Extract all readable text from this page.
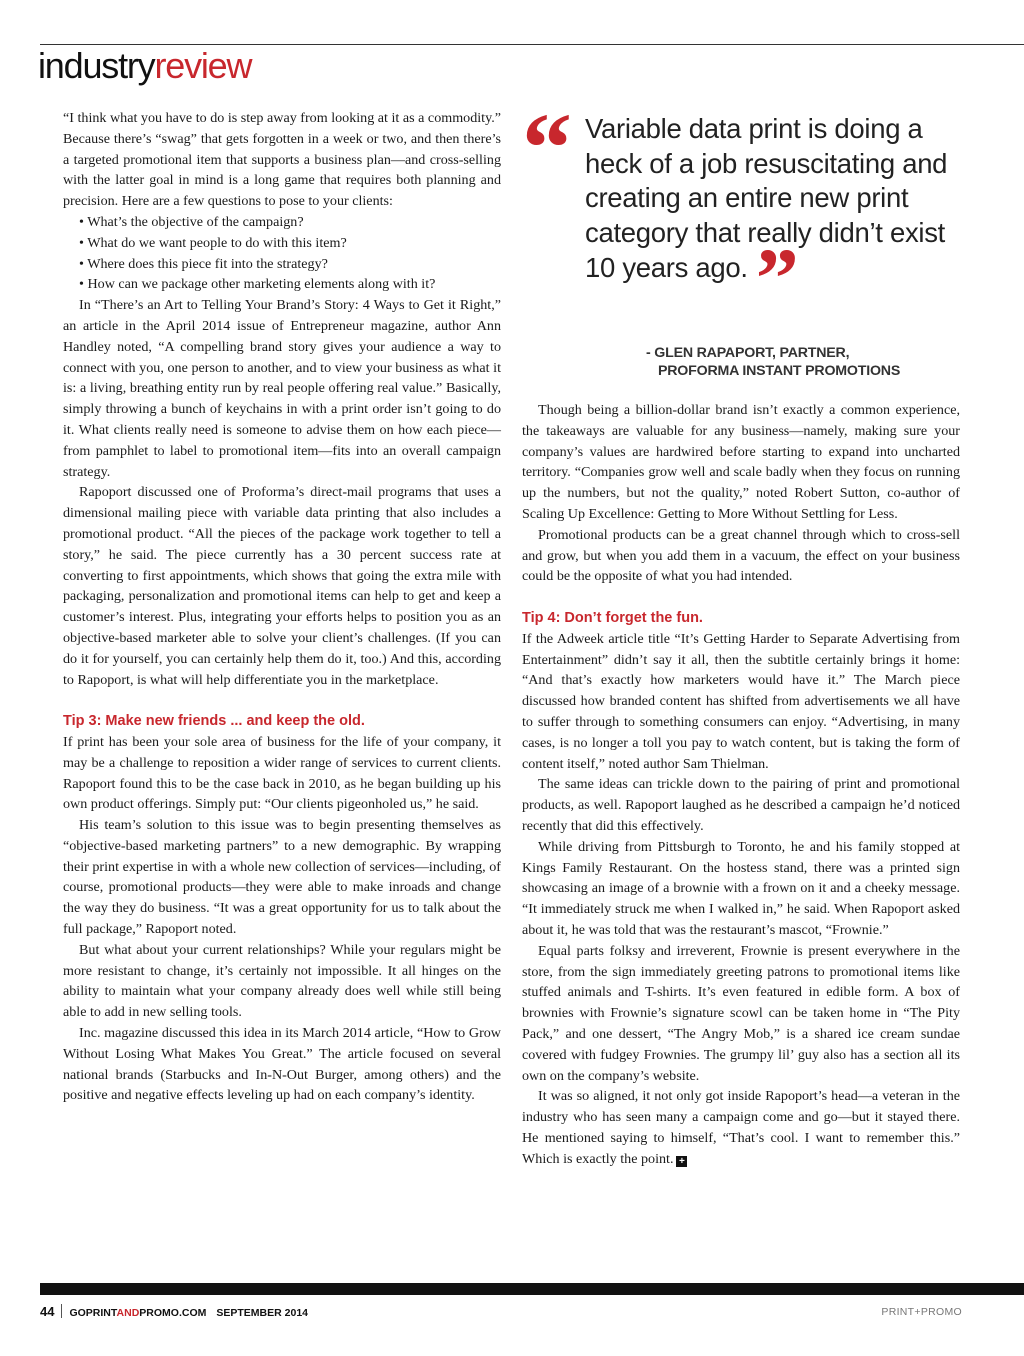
industryreview

“I think what you have to do is step away from looking at it as a commodity.” Because there’s “swag” that gets forgotten in a week or two, and then there’s a targeted promotional item that supports a business plan—and cross-selling with the latter goal in mind is a long game that requires both planning and precision. Here are a few questions to pose to your clients:

• What’s the objective of the campaign?
• What do we want people to do with this item?
• Where does this piece fit into the strategy?
• How can we package other marketing elements along with it?

In “There’s an Art to Telling Your Brand’s Story: 4 Ways to Get it Right,” an article in the April 2014 issue of Entrepreneur magazine, author Ann Handley noted, “A compelling brand story gives your audience a way to connect with you, one person to another, and to view your business as what it is: a living, breathing entity run by real people offering real value.” Basically, simply throwing a bunch of keychains in with a print order isn’t going to do it. What clients really need is someone to advise them on how each piece—from pamphlet to label to promotional item—fits into an overall campaign strategy.

Rapoport discussed one of Proforma’s direct-mail programs that uses a dimensional mailing piece with variable data printing that also includes a promotional product. “All the pieces of the package work together to tell a story,” he said. The piece currently has a 30 percent success rate at converting to first appointments, which shows that going the extra mile with packaging, personalization and promotional items can help to get and keep a customer’s interest. Plus, integrating your efforts helps to position you as an objective-based marketer able to solve your client’s challenges. (If you can do it for yourself, you can certainly help them do it, too.) And this, according to Rapoport, is what will help differentiate you in the marketplace.

Tip 3: Make new friends ... and keep the old.

If print has been your sole area of business for the life of your company, it may be a challenge to reposition a wider range of services to current clients. Rapoport found this to be the case back in 2010, as he began building up his own product offerings. Simply put: “Our clients pigeonholed us,” he said.

His team’s solution to this issue was to begin presenting themselves as “objective-based marketing partners” to a new demographic. By wrapping their print expertise in with a whole new collection of services—including, of course, promotional products—they were able to make inroads and change the way they do business. “It was a great opportunity for us to talk about the full package,” Rapoport noted.

But what about your current relationships? While your regulars might be more resistant to change, it’s certainly not impossible. It all hinges on the ability to maintain what your company already does well while still being able to add in new selling tools.

Inc. magazine discussed this idea in its March 2014 article, “How to Grow Without Losing What Makes You Great.” The article focused on several national brands (Starbucks and In-N-Out Burger, among others) and the positive and negative effects leveling up had on each company’s identity.

“ Variable data print is doing a heck of a job resuscitating and creating an entire new print category that really didn’t exist 10 years ago.”
- GLEN RAPAPORT, PARTNER,
PROFORMA INSTANT PROMOTIONS

Though being a billion-dollar brand isn’t exactly a common experience, the takeaways are valuable for any business—namely, making sure your company’s values are hardwired before starting to expand into uncharted territory. “Companies grow well and scale badly when they focus on running up the numbers, but not the quality,” noted Robert Sutton, co-author of Scaling Up Excellence: Getting to More Without Settling for Less.

Promotional products can be a great channel through which to cross-sell and grow, but when you add them in a vacuum, the effect on your business could be the opposite of what you had intended.

Tip 4: Don’t forget the fun.

If the Adweek article title “It’s Getting Harder to Separate Advertising from Entertainment” didn’t say it all, then the subtitle certainly brings it home: “And that’s exactly how marketers would have it.” The March piece discussed how branded content has shifted from advertisements we all have to suffer through to something consumers can enjoy. “Advertising, in many cases, is no longer a toll you pay to watch content, but is taking the form of content itself,” noted author Sam Thielman.

The same ideas can trickle down to the pairing of print and promotional products, as well. Rapoport laughed as he described a campaign he’d noticed recently that did this effectively.

While driving from Pittsburgh to Toronto, he and his family stopped at Kings Family Restaurant. On the hostess stand, there was a printed sign showcasing an image of a brownie with a frown on it and a cheeky message. “It immediately struck me when I walked in,” he said. When Rapoport asked about it, he was told that was the restaurant’s mascot, “Frownie.”

Equal parts folksy and irreverent, Frownie is present everywhere in the store, from the sign immediately greeting patrons to promotional items like stuffed animals and T-shirts. It’s even featured in edible form. A box of brownies with Frownie’s signature scowl can be taken home in “The Pity Pack,” and one dessert, “The Angry Mob,” is a shared ice cream sundae covered with fudgey Frownies. The grumpy lil’ guy also has a section all its own on the company’s website.

It was so aligned, it not only got inside Rapoport’s head—a veteran in the industry who has seen many a campaign come and go—but it stayed there. He mentioned saying to himself, “That’s cool. I want to remember this.” Which is exactly the point. +

44 GOPRINTANDPROMO.COM SEPTEMBER 2014	PRINT+PROMO
